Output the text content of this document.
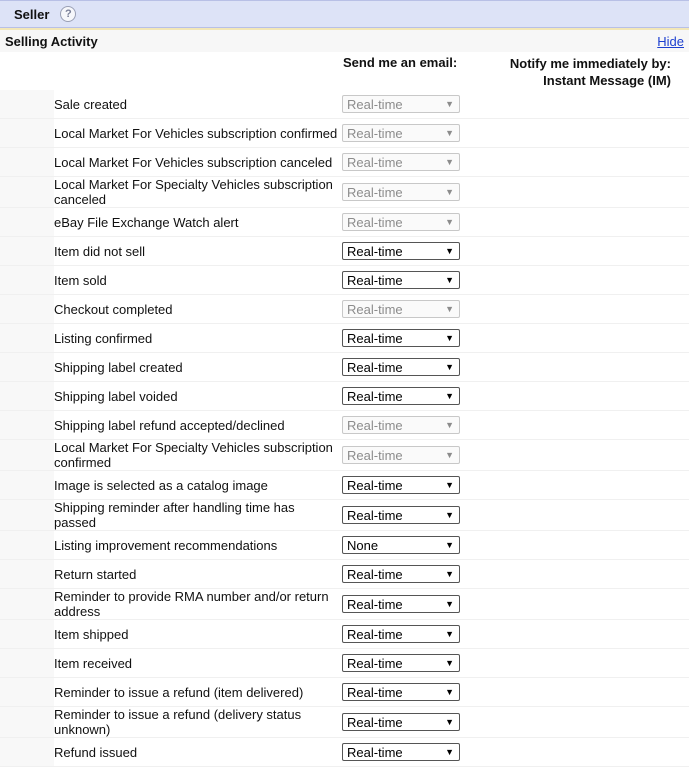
Seller	?
Selling Activity	Hide
Send me an email:	Notify me immediately by:
Instant Message (IM)
Sale created	Real-time	▼
Local Market For Vehicles subscription confirmed Real-time	▼
Local Market For Vehicles subscription canceled	Real-time	▼
Local Market For Specialty Vehicles subscription canceled	Real-time	▼
eBay File Exchange Watch alert	Real-time	▼
Item did not sell	Real-time	▼
Item sold	Real-time	▼
Checkout completed	Real-time	▼
Listing confirmed	Real-time	▼
Shipping label created	Real-time	▼
Shipping label voided	Real-time	▼
Shipping label refund accepted/declined	Real-time	▼
Local Market For Specialty Vehicles subscription confirmed	Real-time	▼
Image is selected as a catalog image	Real-time	▼
Shipping reminder after handling time has passed	Real-time	▼
Listing improvement recommendations	None	▼
Return started	Real-time	▼
Reminder to provide RMA number and/or return address	Real-time	▼
Item shipped	Real-time	▼
Item received	Real-time	▼
Reminder to issue a refund (item delivered)	Real-time	▼
Reminder to issue a refund (delivery status unknown)	Real-time	▼
Refund issued	Real-time	▼
